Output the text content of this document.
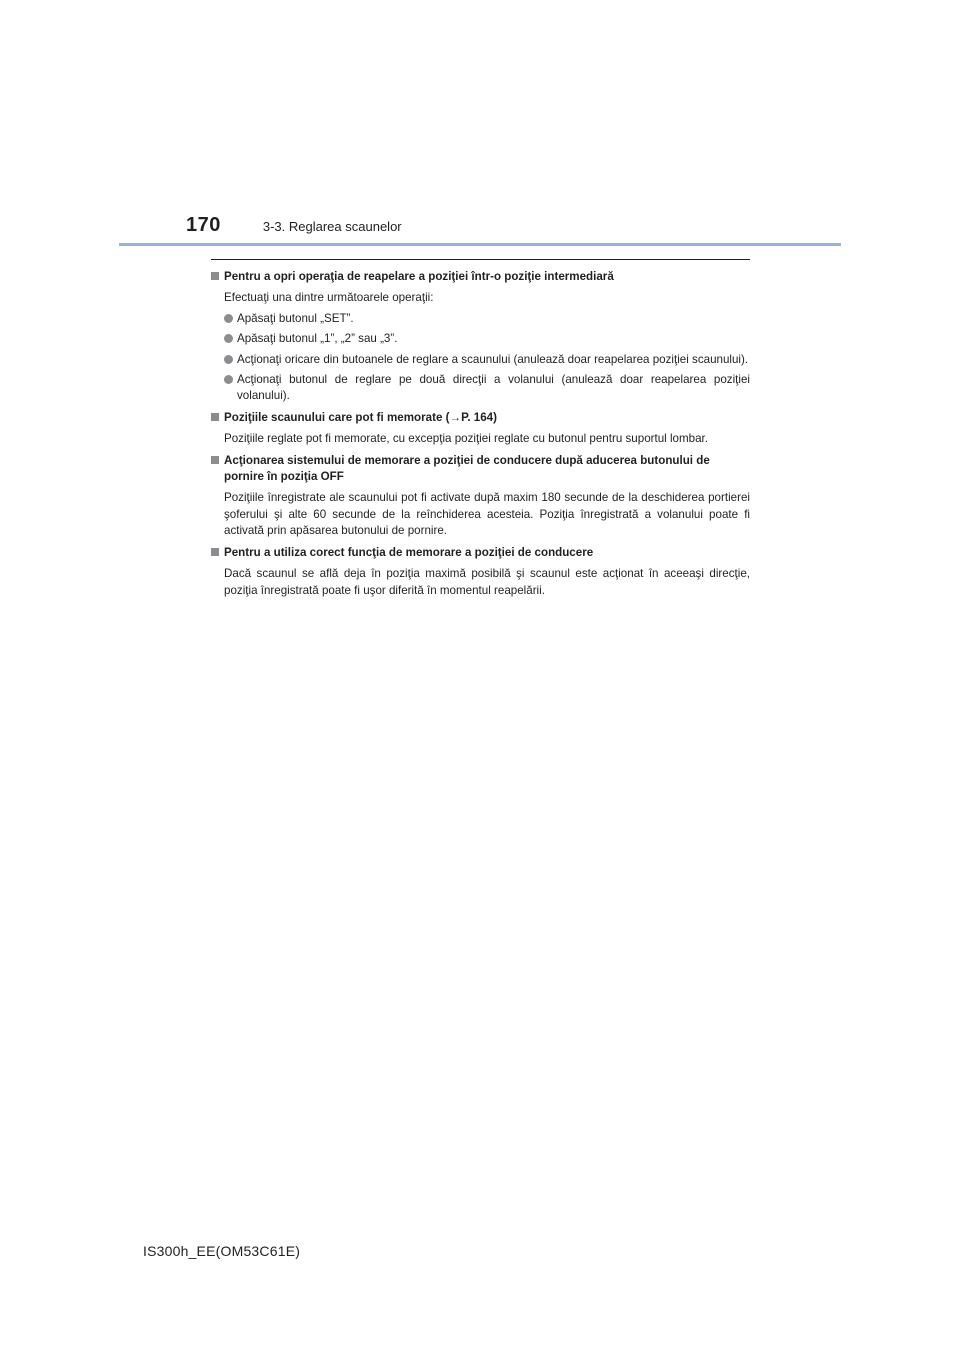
170	3-3. Reglarea scaunelor
Pentru a opri operaţia de reapelare a poziţiei într-o poziţie intermediară
Efectuaţi una dintre următoarele operaţii:
Apăsaţi butonul „SET”.
Apăsaţi butonul „1”, „2” sau „3”.
Acţionaţi oricare din butoanele de reglare a scaunului (anulează doar reapelarea poziţiei scaunului).
Acţionaţi butonul de reglare pe două direcţii a volanului (anulează doar reapelarea poziţiei volanului).
Poziţiile scaunului care pot fi memorate (→P. 164)
Poziţiile reglate pot fi memorate, cu excepţia poziţiei reglate cu butonul pentru suportul lombar.
Acţionarea sistemului de memorare a poziţiei de conducere după aducerea butonului de pornire în poziţia OFF
Poziţiile înregistrate ale scaunului pot fi activate după maxim 180 secunde de la deschiderea portierei şoferului şi alte 60 secunde de la reînchiderea acesteia. Poziţia înregistrată a volanului poate fi activată prin apăsarea butonului de pornire.
Pentru a utiliza corect funcţia de memorare a poziţiei de conducere
Dacă scaunul se află deja în poziţia maximă posibilă şi scaunul este acţionat în aceeaşi direcţie, poziţia înregistrată poate fi uşor diferită în momentul reapelării.
IS300h_EE(OM53C61E)
